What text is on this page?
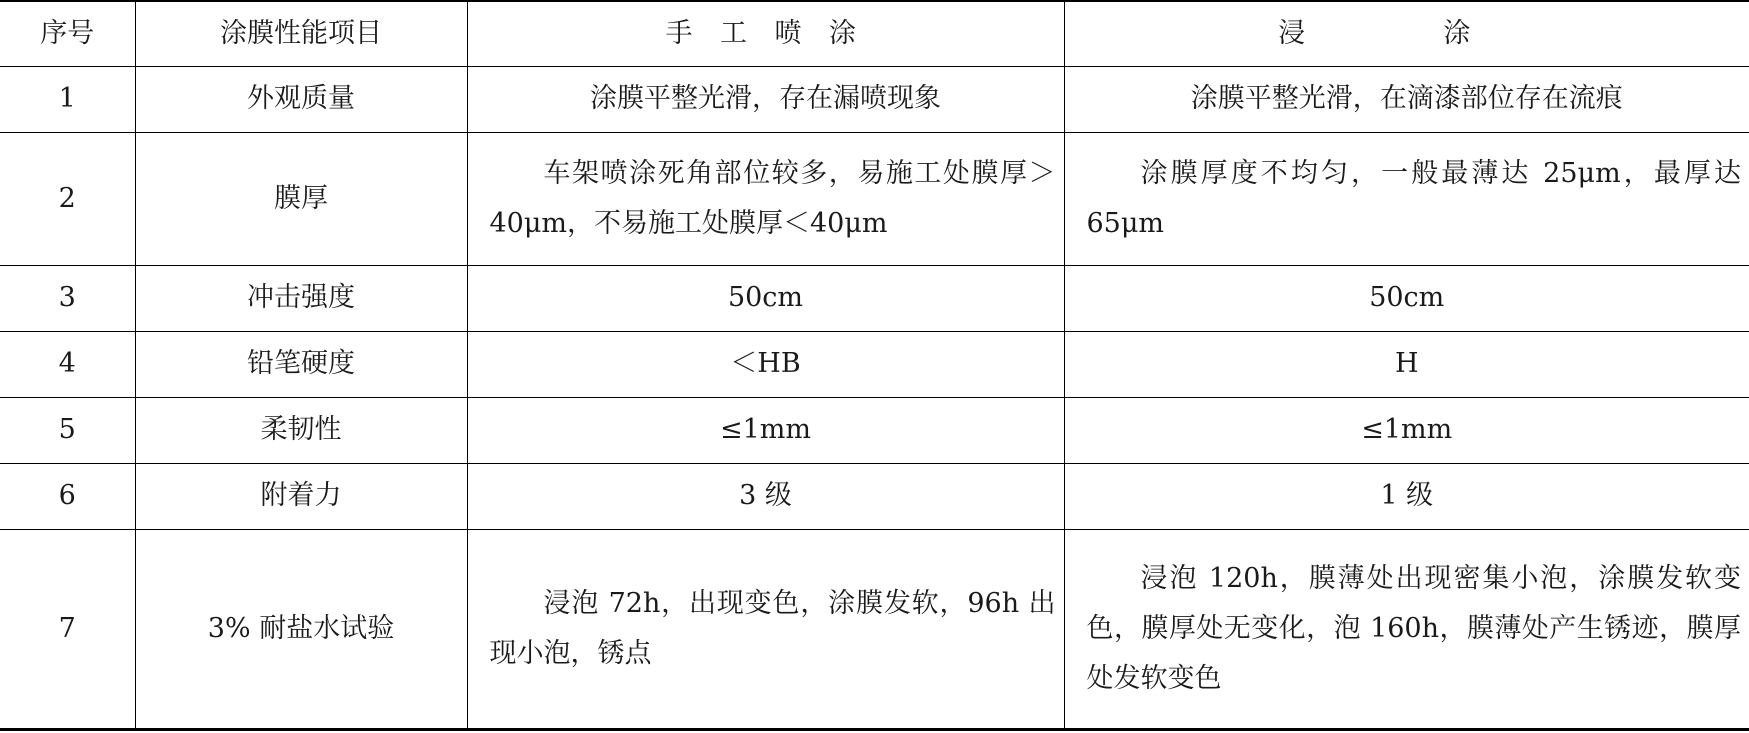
序号	涂膜性能项目	手 工 喷 涂	浸 涂
1	外观质量	涂膜平整光滑，存在漏喷现象	涂膜平整光滑，在滴漆部位存在流痕
2	膜厚	车架喷涂死角部位较多，易施工处膜厚＞40μm，不易施工处膜厚＜40μm	涂膜厚度不均匀，一般最薄达 25μm，最厚达 65μm
3	冲击强度	50cm	50cm
4	铅笔硬度	＜HB	H
5	柔韧性	≤1mm	≤1mm
6	附着力	3 级	1 级
7	3% 耐盐水试验	浸泡 72h，出现变色，涂膜发软，96h 出现小泡，锈点	浸泡 120h，膜薄处出现密集小泡，涂膜发软变色，膜厚处无变化，泡 160h，膜薄处产生锈迹，膜厚处发软变色
